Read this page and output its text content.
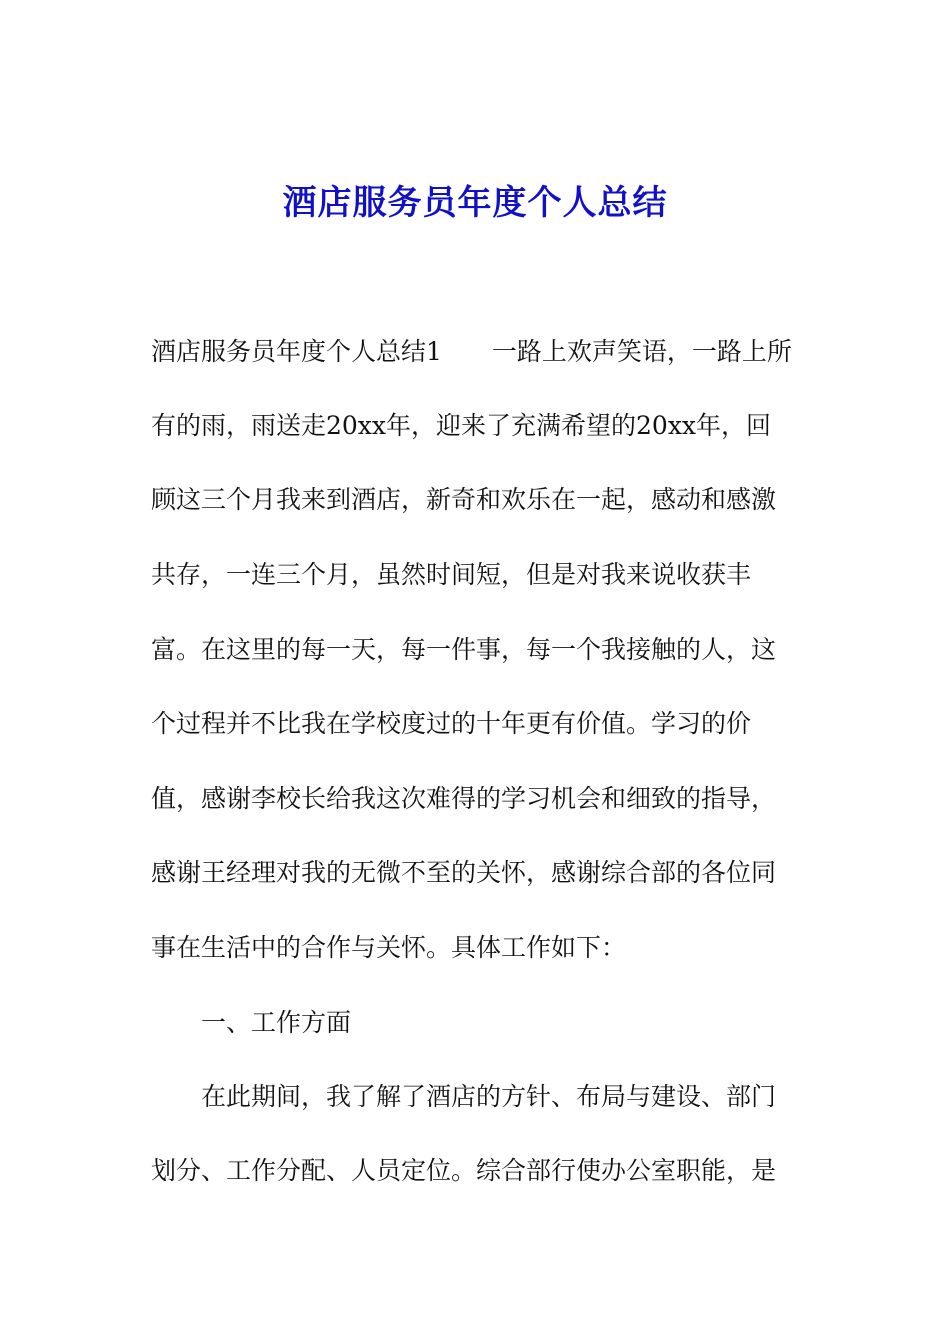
酒店服务员年度个人总结
酒店服务员年度个人总结1　　一路上欢声笑语，一路上所
有的雨，雨送走20xx年，迎来了充满希望的20xx年，回
顾这三个月我来到酒店，新奇和欢乐在一起，感动和感激
共存，一连三个月，虽然时间短，但是对我来说收获丰
富。在这里的每一天，每一件事，每一个我接触的人，这
个过程并不比我在学校度过的十年更有价值。学习的价
值，感谢李校长给我这次难得的学习机会和细致的指导，
感谢王经理对我的无微不至的关怀，感谢综合部的各位同
事在生活中的合作与关怀。具体工作如下：
　　一、工作方面
　　在此期间，我了解了酒店的方针、布局与建设、部门
划分、工作分配、人员定位。综合部行使办公室职能，是
